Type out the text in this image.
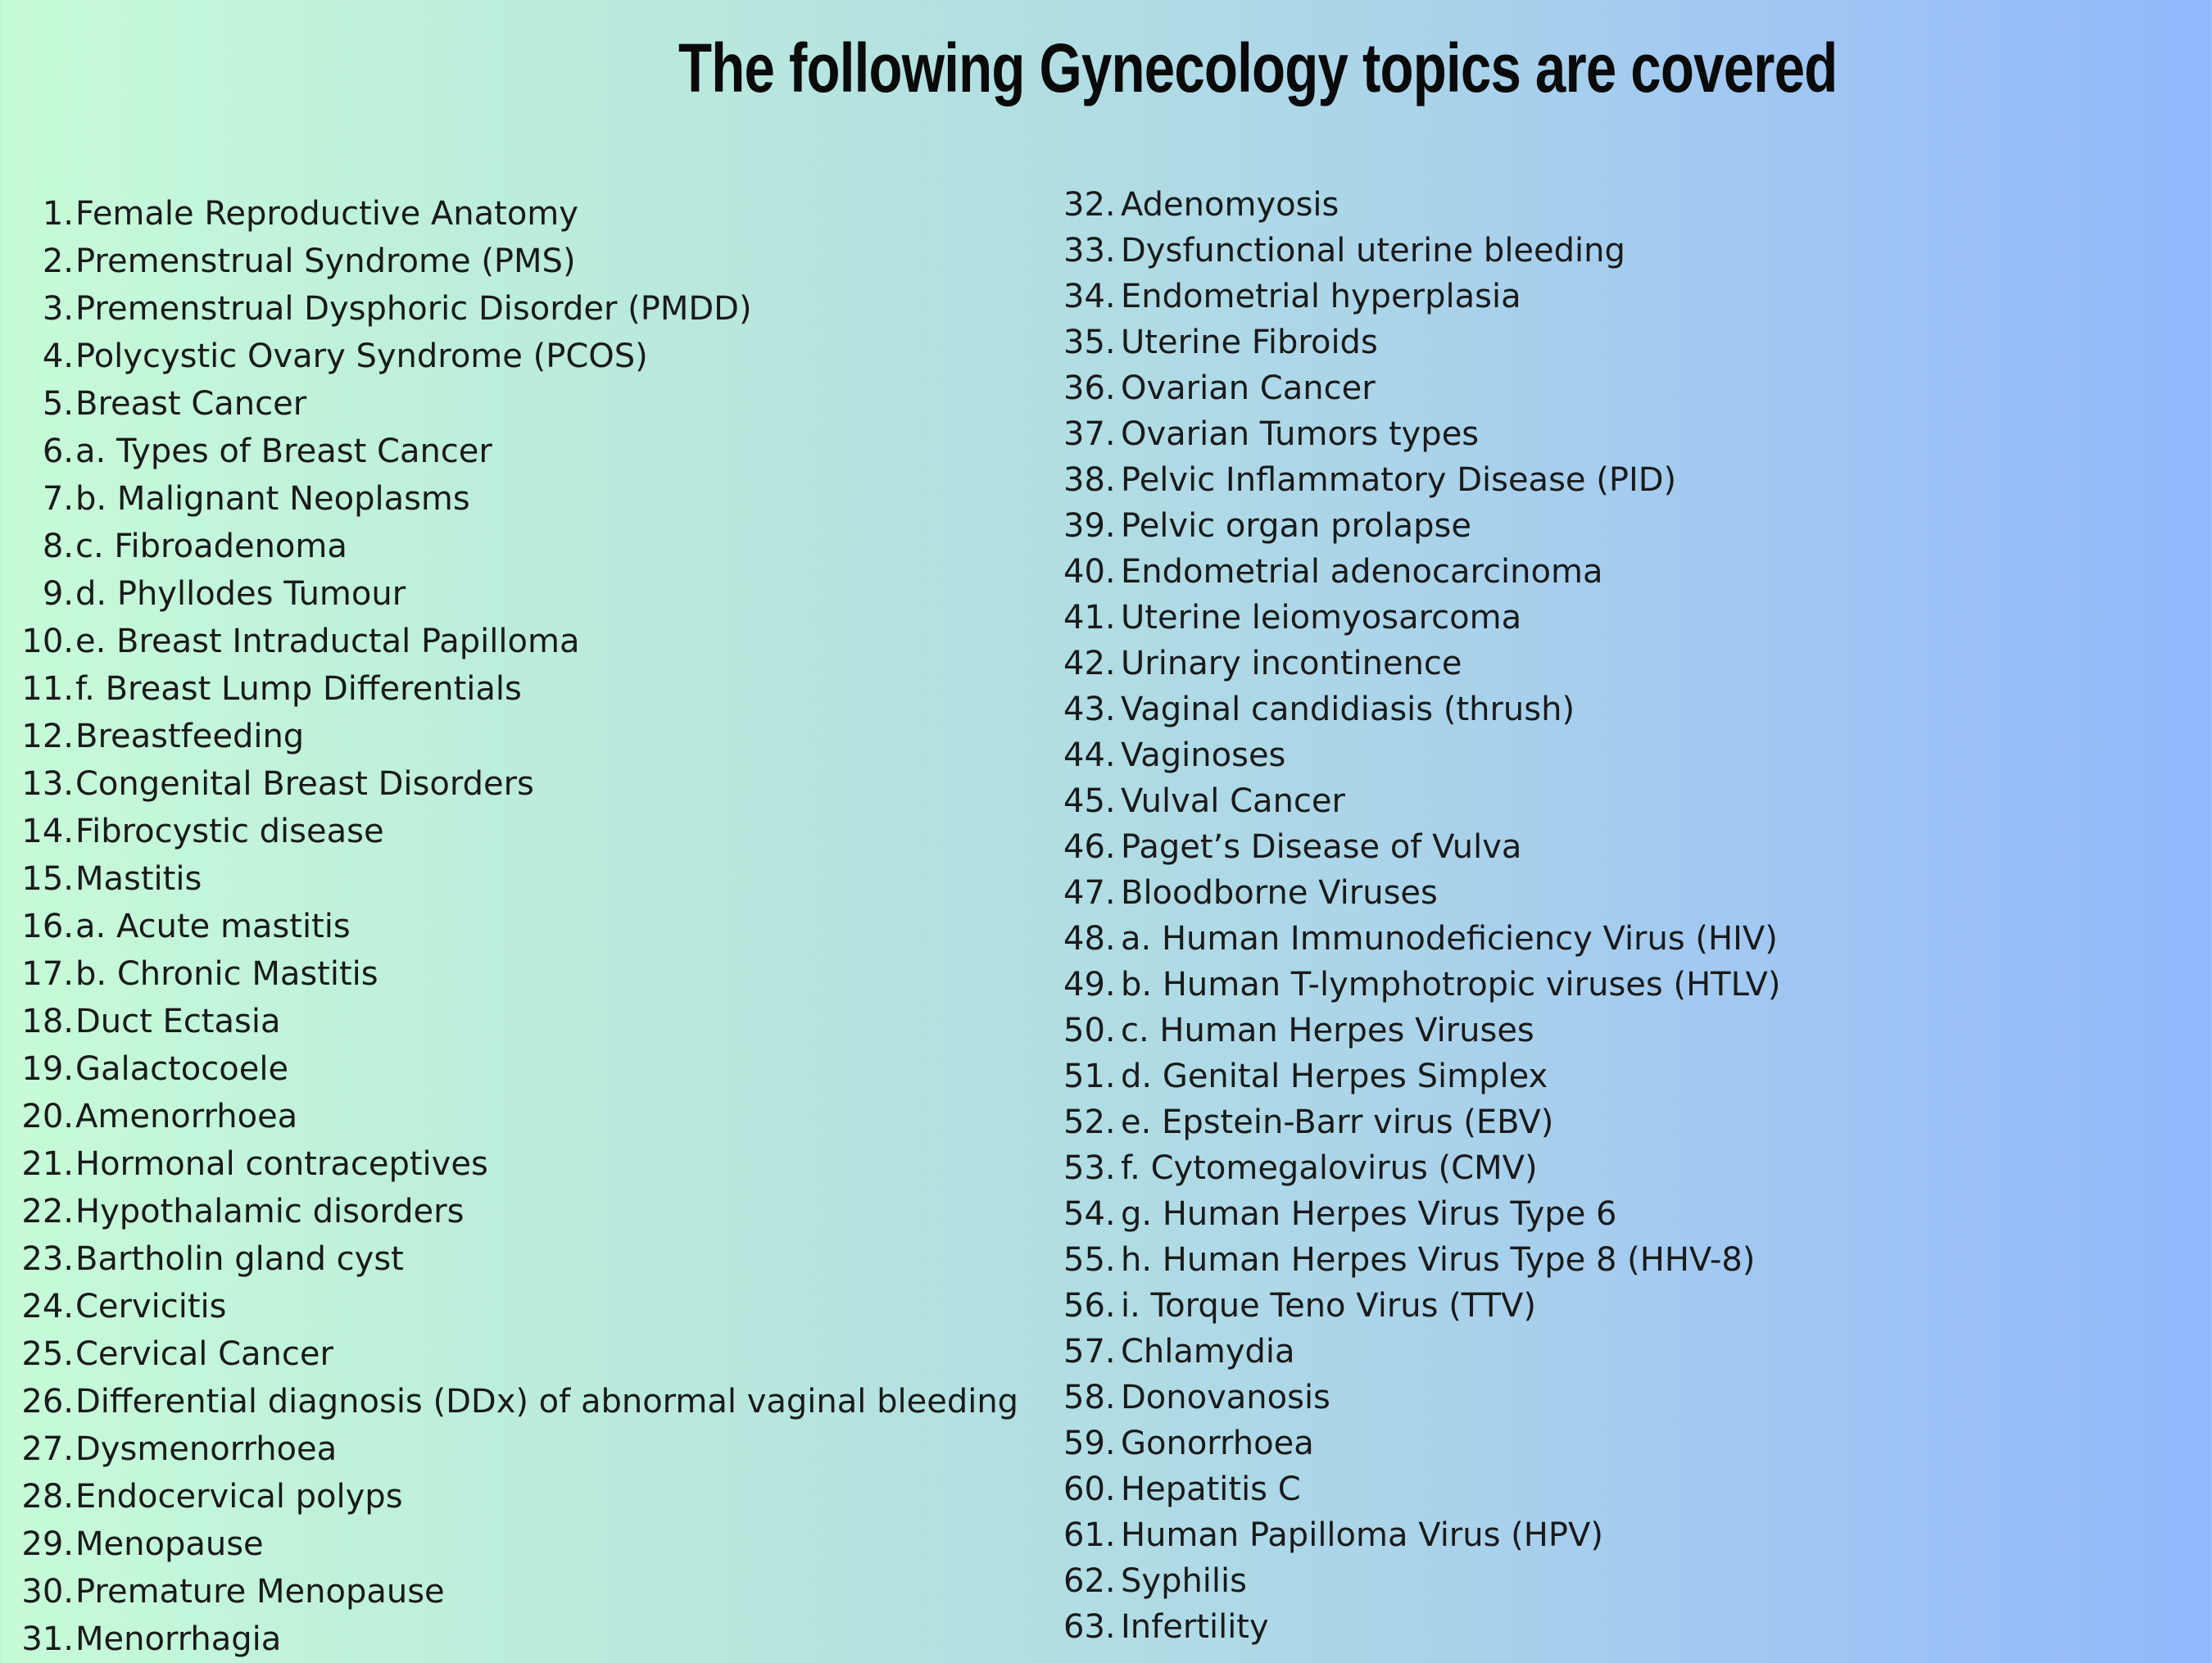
The following Gynecology topics are covered
1. Female Reproductive Anatomy
2. Premenstrual Syndrome (PMS)
3. Premenstrual Dysphoric Disorder (PMDD)
4. Polycystic Ovary Syndrome (PCOS)
5. Breast Cancer
6. a. Types of Breast Cancer
7. b. Malignant Neoplasms
8. c. Fibroadenoma
9. d. Phyllodes Tumour
10. e. Breast Intraductal Papilloma
11. f. Breast Lump Differentials
12. Breastfeeding
13. Congenital Breast Disorders
14. Fibrocystic disease
15. Mastitis
16. a. Acute mastitis
17. b. Chronic Mastitis
18. Duct Ectasia
19. Galactocoele
20. Amenorrhoea
21. Hormonal contraceptives
22. Hypothalamic disorders
23. Bartholin gland cyst
24. Cervicitis
25. Cervical Cancer
26. Differential diagnosis (DDx) of abnormal vaginal bleeding
27. Dysmenorrhoea
28. Endocervical polyps
29. Menopause
30. Premature Menopause
31. Menorrhagia
32. Adenomyosis
33. Dysfunctional uterine bleeding
34. Endometrial hyperplasia
35. Uterine Fibroids
36. Ovarian Cancer
37. Ovarian Tumors types
38. Pelvic Inflammatory Disease (PID)
39. Pelvic organ prolapse
40. Endometrial adenocarcinoma
41. Uterine leiomyosarcoma
42. Urinary incontinence
43. Vaginal candidiasis (thrush)
44. Vaginoses
45. Vulval Cancer
46. Paget’s Disease of Vulva
47. Bloodborne Viruses
48. a. Human Immunodeficiency Virus (HIV)
49. b. Human T-lymphotropic viruses (HTLV)
50. c. Human Herpes Viruses
51. d. Genital Herpes Simplex
52. e. Epstein-Barr virus (EBV)
53. f. Cytomegalovirus (CMV)
54. g. Human Herpes Virus Type 6
55. h. Human Herpes Virus Type 8 (HHV-8)
56. i. Torque Teno Virus (TTV)
57. Chlamydia
58. Donovanosis
59. Gonorrhoea
60. Hepatitis C
61. Human Papilloma Virus (HPV)
62. Syphilis
63. Infertility
